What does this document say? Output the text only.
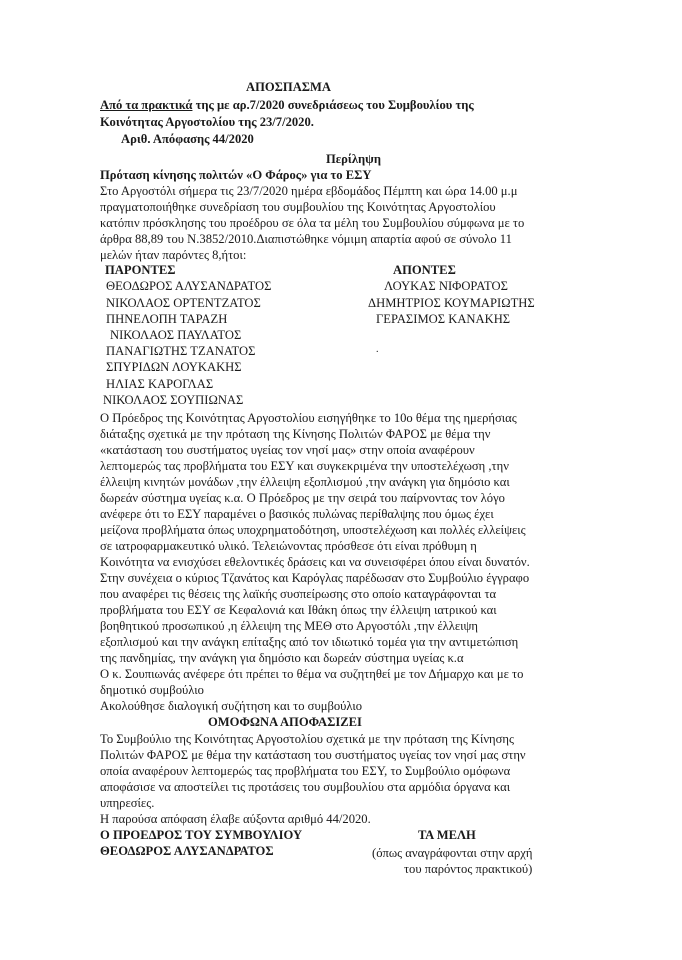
ΑΠΟΣΠΑΣΜΑ
Από τα πρακτικά της με αρ.7/2020 συνεδριάσεως του Συμβουλίου της
Κοινότητας Αργοστολίου της 23/7/2020.
Αριθ. Απόφασης 44/2020
Περίληψη
Πρόταση κίνησης πολιτών «Ο Φάρος» για το ΕΣΥ
Στο Αργοστόλι σήμερα τις 23/7/2020 ημέρα εβδομάδος Πέμπτη και ώρα 14.00 μ.μ
πραγματοποιήθηκε συνεδρίαση του συμβουλίου της Κοινότητας Αργοστολίου
κατόπιν πρόσκλησης του προέδρου σε όλα τα μέλη του Συμβουλίου σύμφωνα με το
άρθρα 88,89 του Ν.3852/2010.Διαπιστώθηκε νόμιμη απαρτία αφού σε σύνολο 11
μελών ήταν παρόντες 8,ήτοι:
ΠΑΡΟΝΤΕΣ	ΑΠΟΝΤΕΣ
ΘΕΟΔΩΡΟΣ ΑΛΥΣΑΝΔΡΑΤΟΣ
ΝΙΚΟΛΑΟΣ ΟΡΤΕΝΤΖΑΤΟΣ
ΠΗΝΕΛΟΠΗ ΤΑΡΑΖΗ
ΝΙΚΟΛΑΟΣ ΠΑΥΛΑΤΟΣ
ΠΑΝΑΓΙΩΤΗΣ ΤΖΑΝΑΤΟΣ
ΣΠΥΡΙΔΩΝ ΛΟΥΚΑΚΗΣ
ΗΛΙΑΣ ΚΑΡΟΓΛΑΣ
ΝΙΚΟΛΑΟΣ ΣΟΥΠΙΩΝΑΣ
ΛΟΥΚΑΣ ΝΙΦΟΡΑΤΟΣ
ΔΗΜΗΤΡΙΟΣ ΚΟΥΜΑΡΙΩΤΗΣ
ΓΕΡΑΣΙΜΟΣ ΚΑΝΑΚΗΣ
.
Ο Πρόεδρος της Κοινότητας Αργοστολίου εισηγήθηκε το 10ο θέμα της ημερήσιας
διάταξης σχετικά με την πρόταση της Κίνησης Πολιτών ΦΑΡΟΣ με θέμα την
«κατάσταση του συστήματος υγείας τον νησί μας» στην οποία αναφέρουν
λεπτομερώς τας προβλήματα του ΕΣΥ και συγκεκριμένα την υποστελέχωση ,την
έλλειψη κινητών μονάδων ,την έλλειψη εξοπλισμού ,την ανάγκη για δημόσιο και
δωρεάν σύστημα υγείας κ.α. Ο Πρόεδρος με την σειρά του παίρνοντας τον λόγο
ανέφερε ότι το ΕΣΥ παραμένει ο βασικός πυλώνας περίθαλψης που όμως έχει
μείζονα προβλήματα όπως υποχρηματοδότηση, υποστελέχωση και πολλές ελλείψεις
σε ιατροφαρμακευτικό υλικό. Τελειώνοντας πρόσθεσε ότι είναι πρόθυμη η
Κοινότητα να ενισχύσει εθελοντικές δράσεις και να συνεισφέρει όπου είναι δυνατόν.
Στην συνέχεια ο κύριος Τζανάτος και Καρόγλας παρέδωσαν στο Συμβούλιο έγγραφο
που αναφέρει τις θέσεις της λαϊκής συσπείρωσης στο οποίο καταγράφονται τα
προβλήματα του ΕΣΥ σε Κεφαλονιά και Ιθάκη όπως την έλλειψη ιατρικού και
βοηθητικού προσωπικού ,η έλλειψη της ΜΕΘ στο Αργοστόλι ,την έλλειψη
εξοπλισμού και την ανάγκη επίταξης από τον ιδιωτικό τομέα για την αντιμετώπιση
της πανδημίας, την ανάγκη για δημόσιο και δωρεάν σύστημα υγείας κ.α
Ο κ. Σουπιωνάς ανέφερε ότι πρέπει το θέμα να συζητηθεί με τον Δήμαρχο και με το
δημοτικό συμβούλιο
Ακολούθησε διαλογική συζήτηση και το συμβούλιο
ΟΜΟΦΩΝΑ ΑΠΟΦΑΣΙΖΕΙ
Το Συμβούλιο της Κοινότητας Αργοστολίου σχετικά με την πρόταση της Κίνησης
Πολιτών ΦΑΡΟΣ με θέμα την κατάσταση του συστήματος υγείας τον νησί μας στην
οποία αναφέρουν λεπτομερώς τας προβλήματα του ΕΣΥ, το Συμβούλιο ομόφωνα
αποφάσισε να αποστείλει τις προτάσεις του συμβουλίου στα αρμόδια όργανα και
υπηρεσίες.
Η παρούσα απόφαση έλαβε αύξοντα αριθμό 44/2020.
Ο ΠΡΟΕΔΡΟΣ ΤΟΥ ΣΥΜΒΟΥΛΙΟΥ
ΘΕΟΔΩΡΟΣ ΑΛΥΣΑΝΔΡΑΤΟΣ
ΤΑ ΜΕΛΗ
(όπως αναγράφονται στην αρχή
του παρόντος πρακτικού)
